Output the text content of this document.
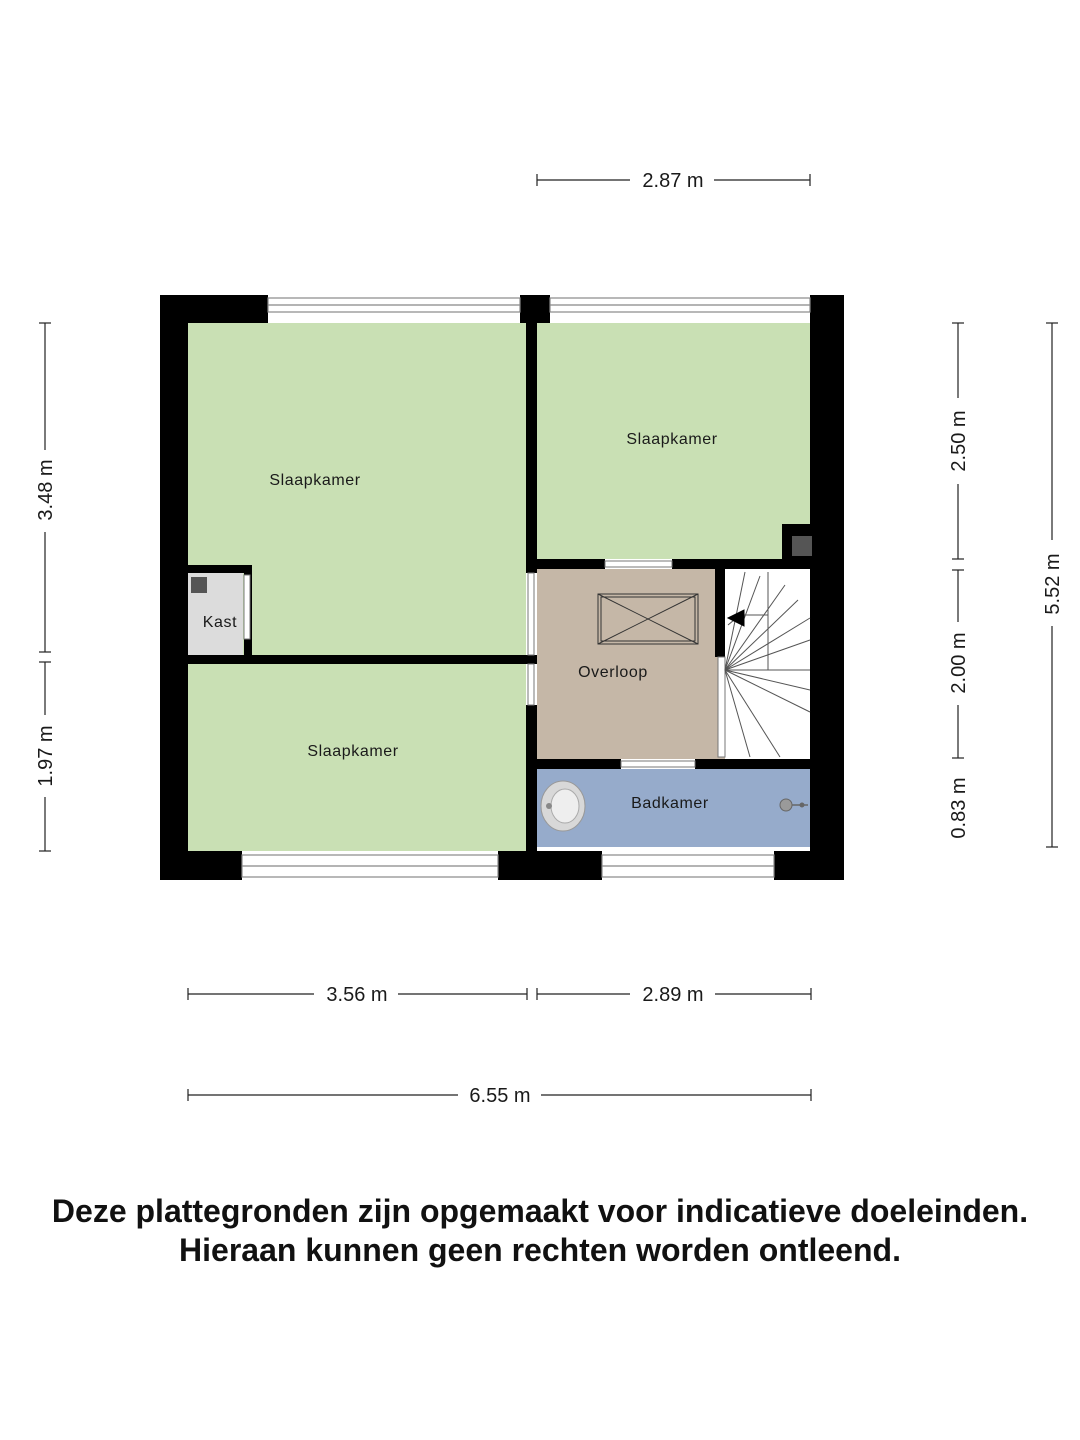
Slaapkamer
Slaapkamer
Slaapkamer
Kast
Overloop
Badkamer
2.87 m
3.56 m	2.89 m
6.55 m
3.48 m
1.97 m
2.50 m
2.00 m
0.83 m
5.52 m
Deze plattegronden zijn opgemaakt voor indicatieve doeleinden.
Hieraan kunnen geen rechten worden ontleend.
